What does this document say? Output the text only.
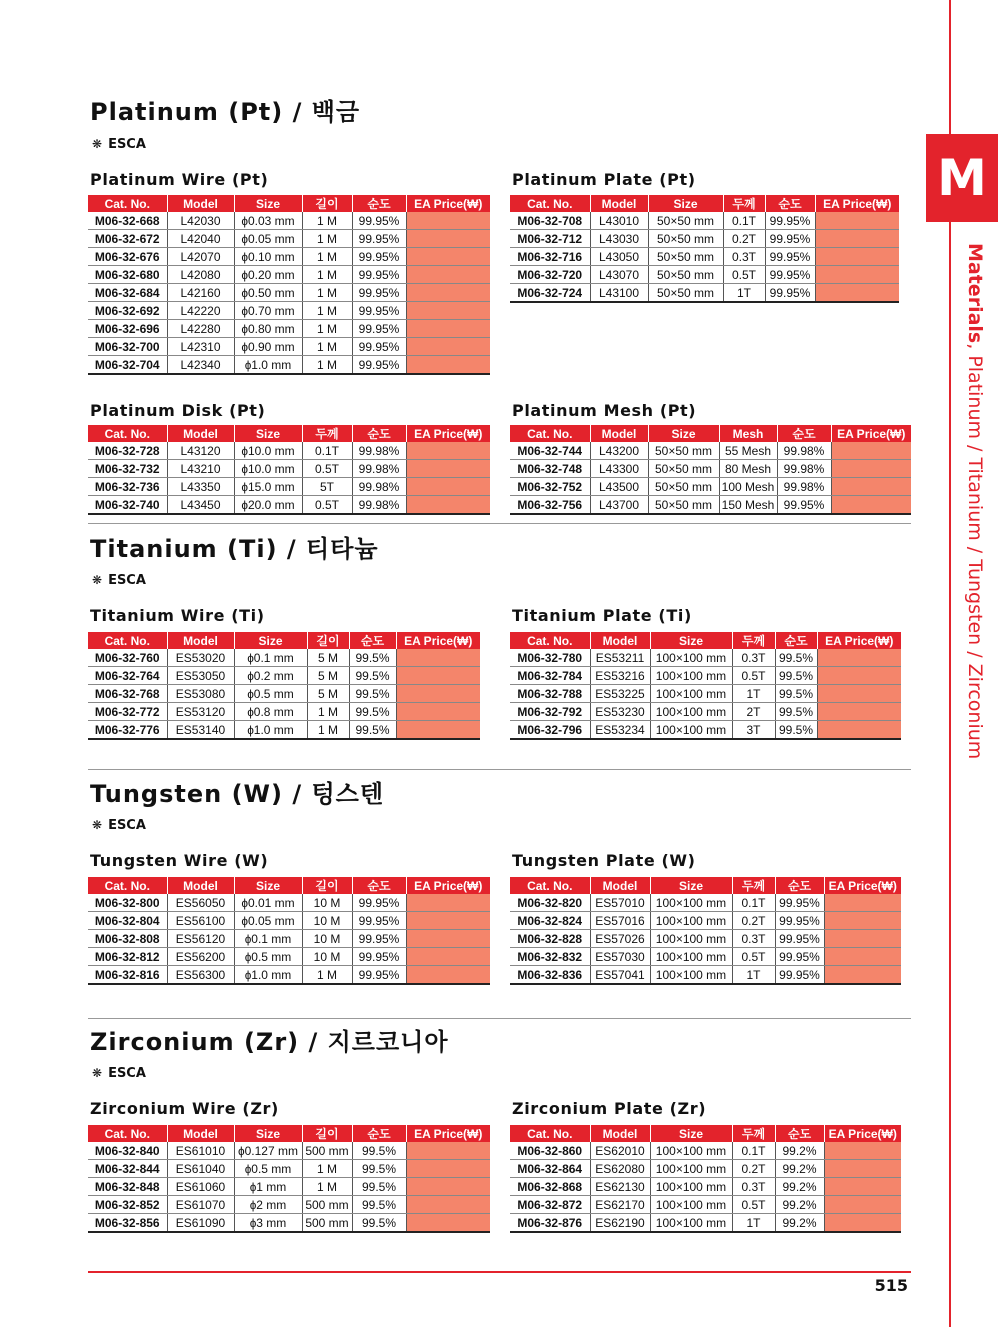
M
Materials, Platinum / Titanium / Tungsten / Zirconium
Platinum (Pt) / 백금
❋ ESCA
Platinum Wire (Pt)
Cat. No.	Model	Size	길이	순도	EA Price(₩)
M06-32-668	L42030	ɸ0.03 mm	1 M	99.95%	
M06-32-672	L42040	ɸ0.05 mm	1 M	99.95%	
M06-32-676	L42070	ɸ0.10 mm	1 M	99.95%	
M06-32-680	L42080	ɸ0.20 mm	1 M	99.95%	
M06-32-684	L42160	ɸ0.50 mm	1 M	99.95%	
M06-32-692	L42220	ɸ0.70 mm	1 M	99.95%	
M06-32-696	L42280	ɸ0.80 mm	1 M	99.95%	
M06-32-700	L42310	ɸ0.90 mm	1 M	99.95%	
M06-32-704	L42340	ɸ1.0 mm	1 M	99.95%	
Platinum Plate (Pt)
Cat. No.	Model	Size	두께	순도	EA Price(₩)
M06-32-708	L43010	50×50 mm	0.1T	99.95%	
M06-32-712	L43030	50×50 mm	0.2T	99.95%	
M06-32-716	L43050	50×50 mm	0.3T	99.95%	
M06-32-720	L43070	50×50 mm	0.5T	99.95%	
M06-32-724	L43100	50×50 mm	1T	99.95%	
Platinum Disk (Pt)
Cat. No.	Model	Size	두께	순도	EA Price(₩)
M06-32-728	L43120	ɸ10.0 mm	0.1T	99.98%	
M06-32-732	L43210	ɸ10.0 mm	0.5T	99.98%	
M06-32-736	L43350	ɸ15.0 mm	5T	99.98%	
M06-32-740	L43450	ɸ20.0 mm	0.5T	99.98%	
Platinum Mesh (Pt)
Cat. No.	Model	Size	Mesh	순도	EA Price(₩)
M06-32-744	L43200	50×50 mm	55 Mesh	99.98%	
M06-32-748	L43300	50×50 mm	80 Mesh	99.98%	
M06-32-752	L43500	50×50 mm	100 Mesh	99.98%	
M06-32-756	L43700	50×50 mm	150 Mesh	99.95%	
Titanium (Ti) / 티타늄
❋ ESCA
Titanium Wire (Ti)
Cat. No.	Model	Size	길이	순도	EA Price(₩)
M06-32-760	ES53020	ɸ0.1 mm	5 M	99.5%	
M06-32-764	ES53050	ɸ0.2 mm	5 M	99.5%	
M06-32-768	ES53080	ɸ0.5 mm	5 M	99.5%	
M06-32-772	ES53120	ɸ0.8 mm	1 M	99.5%	
M06-32-776	ES53140	ɸ1.0 mm	1 M	99.5%	
Titanium Plate (Ti)
Cat. No.	Model	Size	두께	순도	EA Price(₩)
M06-32-780	ES53211	100×100 mm	0.3T	99.5%	
M06-32-784	ES53216	100×100 mm	0.5T	99.5%	
M06-32-788	ES53225	100×100 mm	1T	99.5%	
M06-32-792	ES53230	100×100 mm	2T	99.5%	
M06-32-796	ES53234	100×100 mm	3T	99.5%	
Tungsten (W) / 텅스텐
❋ ESCA
Tungsten Wire (W)
Cat. No.	Model	Size	길이	순도	EA Price(₩)
M06-32-800	ES56050	ɸ0.01 mm	10 M	99.95%	
M06-32-804	ES56100	ɸ0.05 mm	10 M	99.95%	
M06-32-808	ES56120	ɸ0.1 mm	10 M	99.95%	
M06-32-812	ES56200	ɸ0.5 mm	10 M	99.95%	
M06-32-816	ES56300	ɸ1.0 mm	1 M	99.95%	
Tungsten Plate (W)
Cat. No.	Model	Size	두께	순도	EA Price(₩)
M06-32-820	ES57010	100×100 mm	0.1T	99.95%	
M06-32-824	ES57016	100×100 mm	0.2T	99.95%	
M06-32-828	ES57026	100×100 mm	0.3T	99.95%	
M06-32-832	ES57030	100×100 mm	0.5T	99.95%	
M06-32-836	ES57041	100×100 mm	1T	99.95%	
Zirconium (Zr) / 지르코니아
❋ ESCA
Zirconium Wire (Zr)
Cat. No.	Model	Size	길이	순도	EA Price(₩)
M06-32-840	ES61010	ɸ0.127 mm	500 mm	99.5%	
M06-32-844	ES61040	ɸ0.5 mm	1 M	99.5%	
M06-32-848	ES61060	ɸ1 mm	1 M	99.5%	
M06-32-852	ES61070	ɸ2 mm	500 mm	99.5%	
M06-32-856	ES61090	ɸ3 mm	500 mm	99.5%	
Zirconium Plate (Zr)
Cat. No.	Model	Size	두께	순도	EA Price(₩)
M06-32-860	ES62010	100×100 mm	0.1T	99.2%	
M06-32-864	ES62080	100×100 mm	0.2T	99.2%	
M06-32-868	ES62130	100×100 mm	0.3T	99.2%	
M06-32-872	ES62170	100×100 mm	0.5T	99.2%	
M06-32-876	ES62190	100×100 mm	1T	99.2%	
515
